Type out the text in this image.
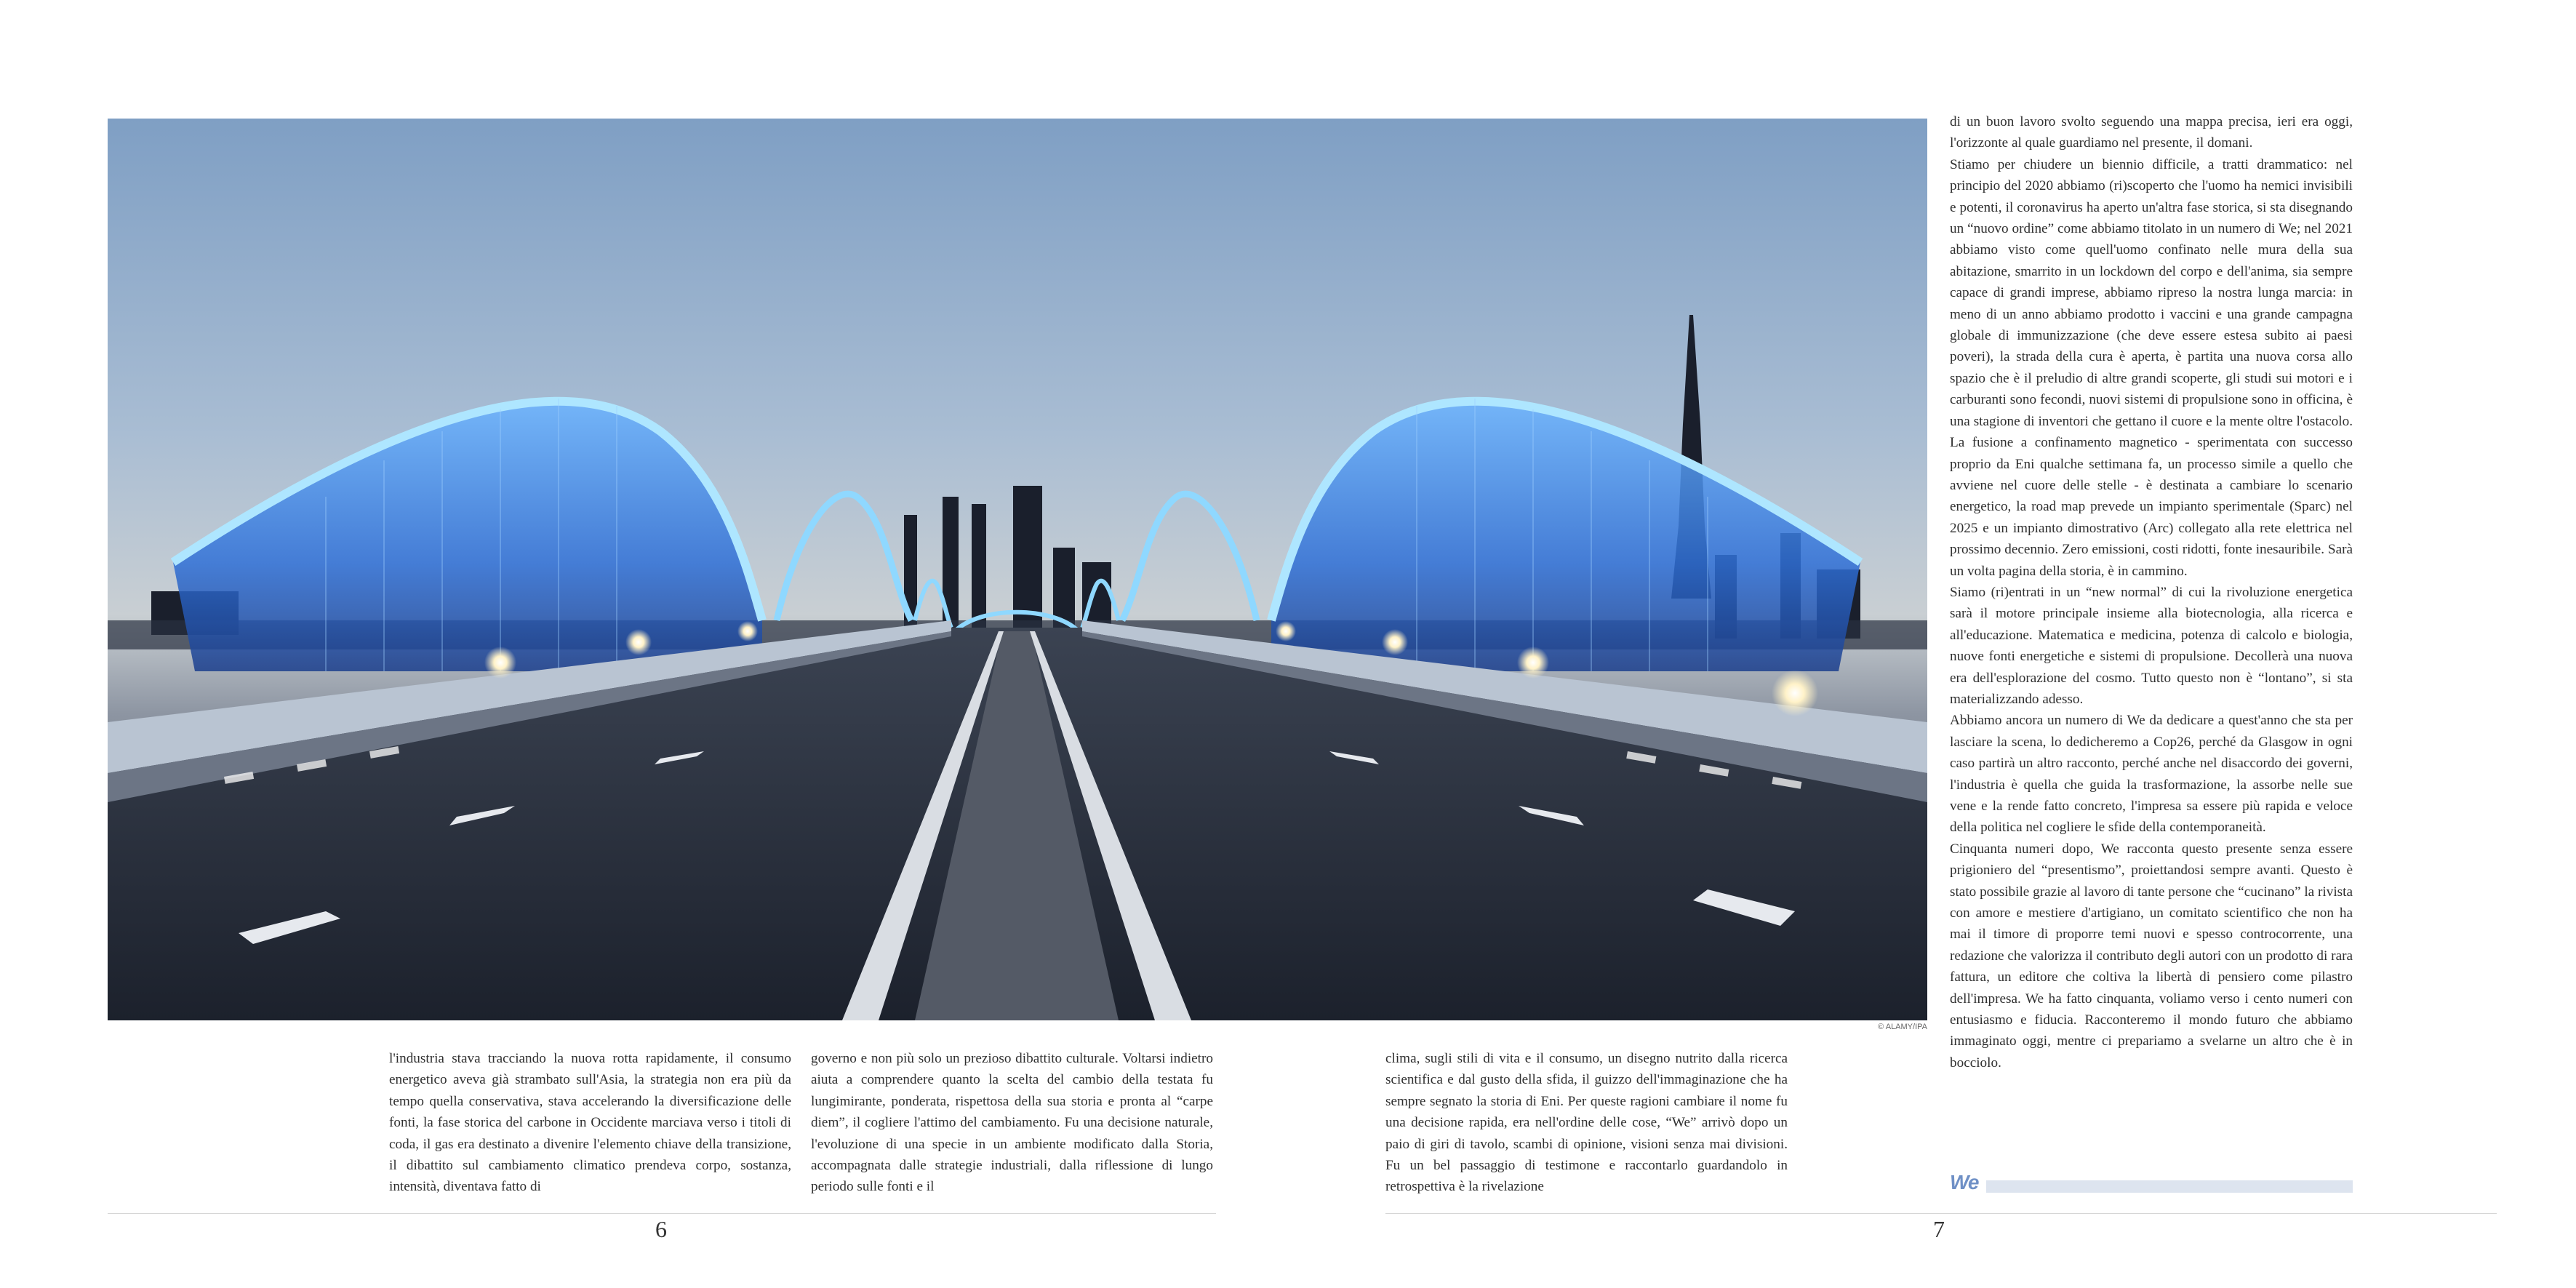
© ALAMY/IPA

l'industria stava tracciando la nuova rotta rapidamente, il consumo energetico aveva già strambato sull'Asia, la strategia non era più da tempo quella conservativa, stava accelerando la diversificazione delle fonti, la fase storica del carbone in Occidente marciava verso i titoli di coda, il gas era destinato a divenire l'elemento chiave della transizione, il dibattito sul cambiamento climatico prendeva corpo, sostanza, intensità, diventava fatto di

governo e non più solo un prezioso dibattito culturale. Voltarsi indietro aiuta a comprendere quanto la scelta del cambio della testata fu lungimirante, ponderata, rispettosa della sua storia e pronta al “carpe diem”, il cogliere l'attimo del cambiamento. Fu una decisione naturale, l'evoluzione di una specie in un ambiente modificato dalla Storia, accompagnata dalle strategie industriali, dalla riflessione di lungo periodo sulle fonti e il

clima, sugli stili di vita e il consumo, un disegno nutrito dalla ricerca scientifica e dal gusto della sfida, il guizzo dell'immaginazione che ha sempre segnato la storia di Eni. Per queste ragioni cambiare il nome fu una decisione rapida, era nell'ordine delle cose, “We” arrivò dopo un paio di giri di tavolo, scambi di opinione, visioni senza mai divisioni. Fu un bel passaggio di testimone e raccontarlo guardandolo in retrospettiva è la rivelazione

di un buon lavoro svolto seguendo una mappa precisa, ieri era oggi, l'orizzonte al quale guardiamo nel presente, il domani.

Stiamo per chiudere un biennio difficile, a tratti drammatico: nel principio del 2020 abbiamo (ri)scoperto che l'uomo ha nemici invisibili e potenti, il coronavirus ha aperto un'altra fase storica, si sta disegnando un “nuovo ordine” come abbiamo titolato in un numero di We; nel 2021 abbiamo visto come quell'uomo confinato nelle mura della sua abitazione, smarrito in un lockdown del corpo e dell'anima, sia sempre capace di grandi imprese, abbiamo ripreso la nostra lunga marcia: in meno di un anno abbiamo prodotto i vaccini e una grande campagna globale di immunizzazione (che deve essere estesa subito ai paesi poveri), la strada della cura è aperta, è partita una nuova corsa allo spazio che è il preludio di altre grandi scoperte, gli studi sui motori e i carburanti sono fecondi, nuovi sistemi di propulsione sono in officina, è una stagione di inventori che gettano il cuore e la mente oltre l'ostacolo. La fusione a confinamento magnetico - sperimentata con successo proprio da Eni qualche settimana fa, un processo simile a quello che avviene nel cuore delle stelle - è destinata a cambiare lo scenario energetico, la road map prevede un impianto sperimentale (Sparc) nel 2025 e un impianto dimostrativo (Arc) collegato alla rete elettrica nel prossimo decennio. Zero emissioni, costi ridotti, fonte inesauribile. Sarà un volta pagina della storia, è in cammino.

Siamo (ri)entrati in un “new normal” di cui la rivoluzione energetica sarà il motore principale insieme alla biotecnologia, alla ricerca e all'educazione. Matematica e medicina, potenza di calcolo e biologia, nuove fonti energetiche e sistemi di propulsione. Decollerà una nuova era dell'esplorazione del cosmo. Tutto questo non è “lontano”, si sta materializzando adesso.

Abbiamo ancora un numero di We da dedicare a quest'anno che sta per lasciare la scena, lo dedicheremo a Cop26, perché da Glasgow in ogni caso partirà un altro racconto, perché anche nel disaccordo dei governi, l'industria è quella che guida la trasformazione, la assorbe nelle sue vene e la rende fatto concreto, l'impresa sa essere più rapida e veloce della politica nel cogliere le sfide della contemporaneità.

Cinquanta numeri dopo, We racconta questo presente senza essere prigioniero del “presentismo”, proiettandosi sempre avanti. Questo è stato possibile grazie al lavoro di tante persone che “cucinano” la rivista con amore e mestiere d'artigiano, un comitato scientifico che non ha mai il timore di proporre temi nuovi e spesso controcorrente, una redazione che valorizza il contributo degli autori con un prodotto di rara fattura, un editore che coltiva la libertà di pensiero come pilastro dell'impresa. We ha fatto cinquanta, voliamo verso i cento numeri con entusiasmo e fiducia. Racconteremo il mondo futuro che abbiamo immaginato oggi, mentre ci prepariamo a svelarne un altro che è in bocciolo.

We
6	7
